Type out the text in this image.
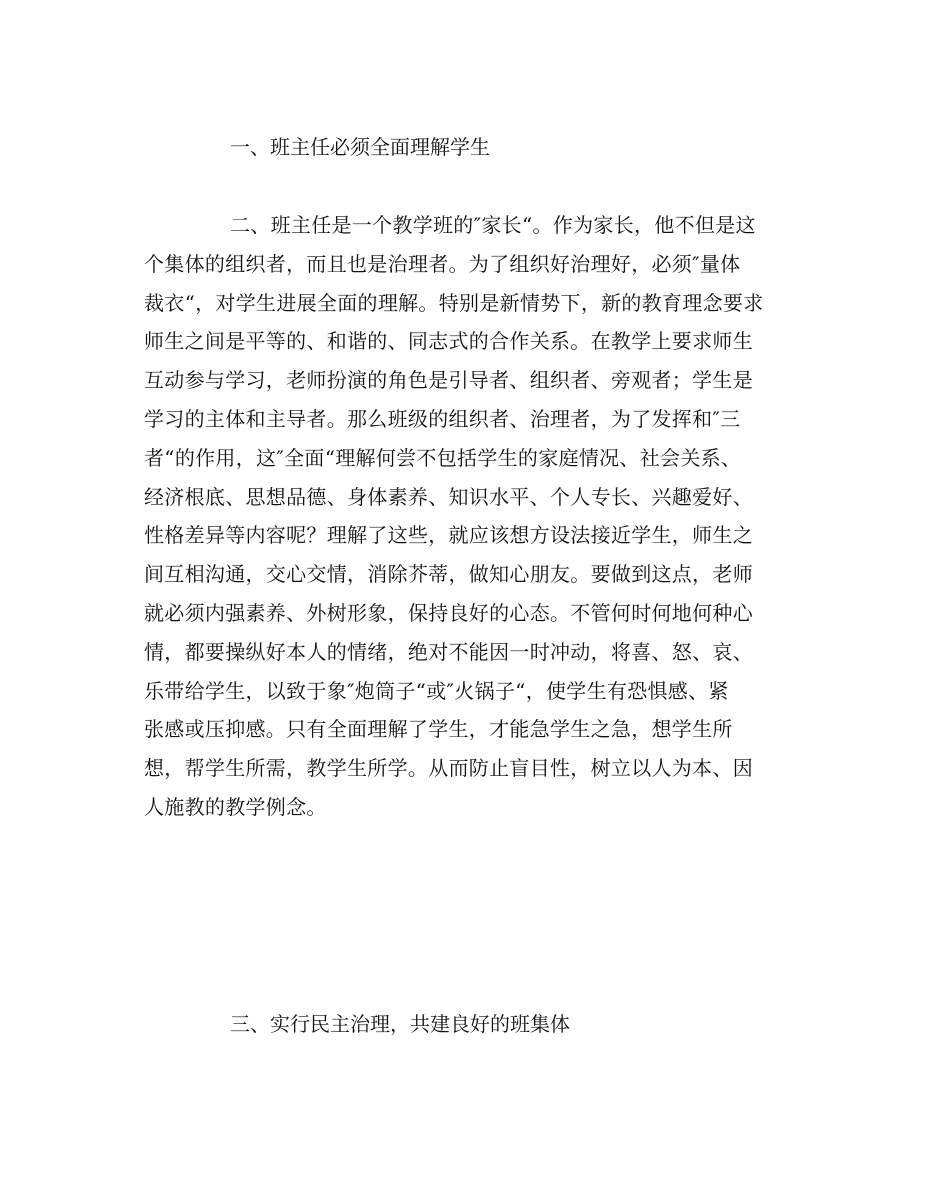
一、班主任必须全面理解学生
二、班主任是一个教学班的″家长“。作为家长，他不但是这
个集体的组织者，而且也是治理者。为了组织好治理好，必须″量体
裁衣“，对学生进展全面的理解。特别是新情势下，新的教育理念要求
师生之间是平等的、和谐的、同志式的合作关系。在教学上要求师生
互动参与学习，老师扮演的角色是引导者、组织者、旁观者；学生是
学习的主体和主导者。那么班级的组织者、治理者，为了发挥和″三
者“的作用，这″全面“理解何尝不包括学生的家庭情况、社会关系、
经济根底、思想品德、身体素养、知识水平、个人专长、兴趣爱好、
性格差异等内容呢？理解了这些，就应该想方设法接近学生，师生之
间互相沟通，交心交情，消除芥蒂，做知心朋友。要做到这点，老师
就必须内强素养、外树形象，保持良好的心态。不管何时何地何种心
情，都要操纵好本人的情绪，绝对不能因一时冲动，将喜、怒、哀、
乐带给学生，以致于象″炮筒子“或″火锅子“，使学生有恐惧感、紧
张感或压抑感。只有全面理解了学生，才能急学生之急，想学生所
想，帮学生所需，教学生所学。从而防止盲目性，树立以人为本、因
人施教的教学例念。
三、实行民主治理，共建良好的班集体
